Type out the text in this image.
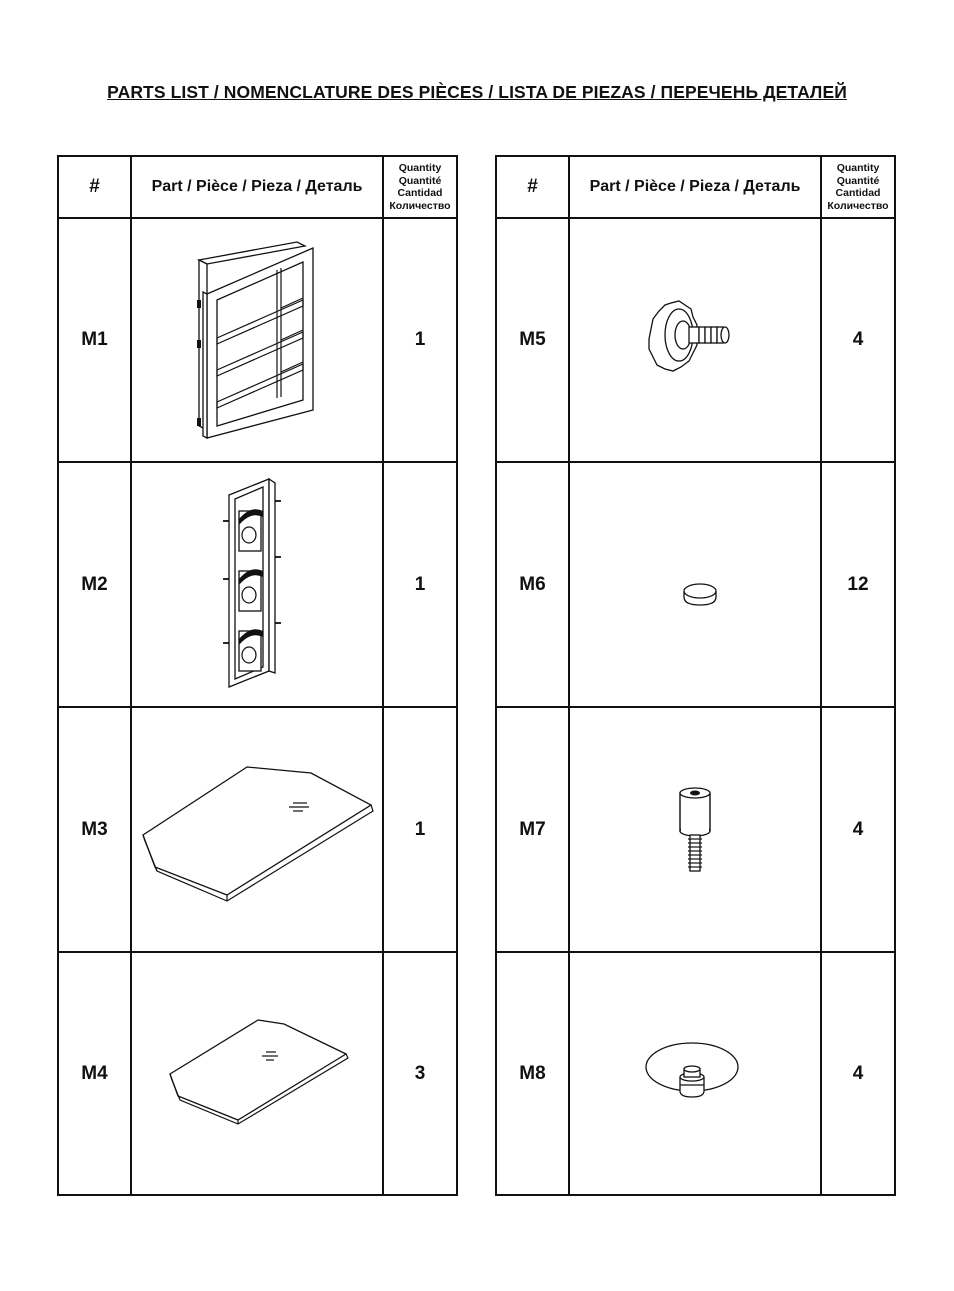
PARTS LIST / NOMENCLATURE DES PIÈCES / LISTA DE PIEZAS / ПЕРЕЧЕНЬ ДЕТАЛЕЙ
#	Part / Pièce / Pieza / Деталь	Quantity
Quantité
Cantidad
Количество

M1		1
M2		1
M3		1
M4		3
#	Part / Pièce / Pieza / Деталь	Quantity
Quantité
Cantidad
Количество

M5		4
M6		12
M7		4
M8		4
